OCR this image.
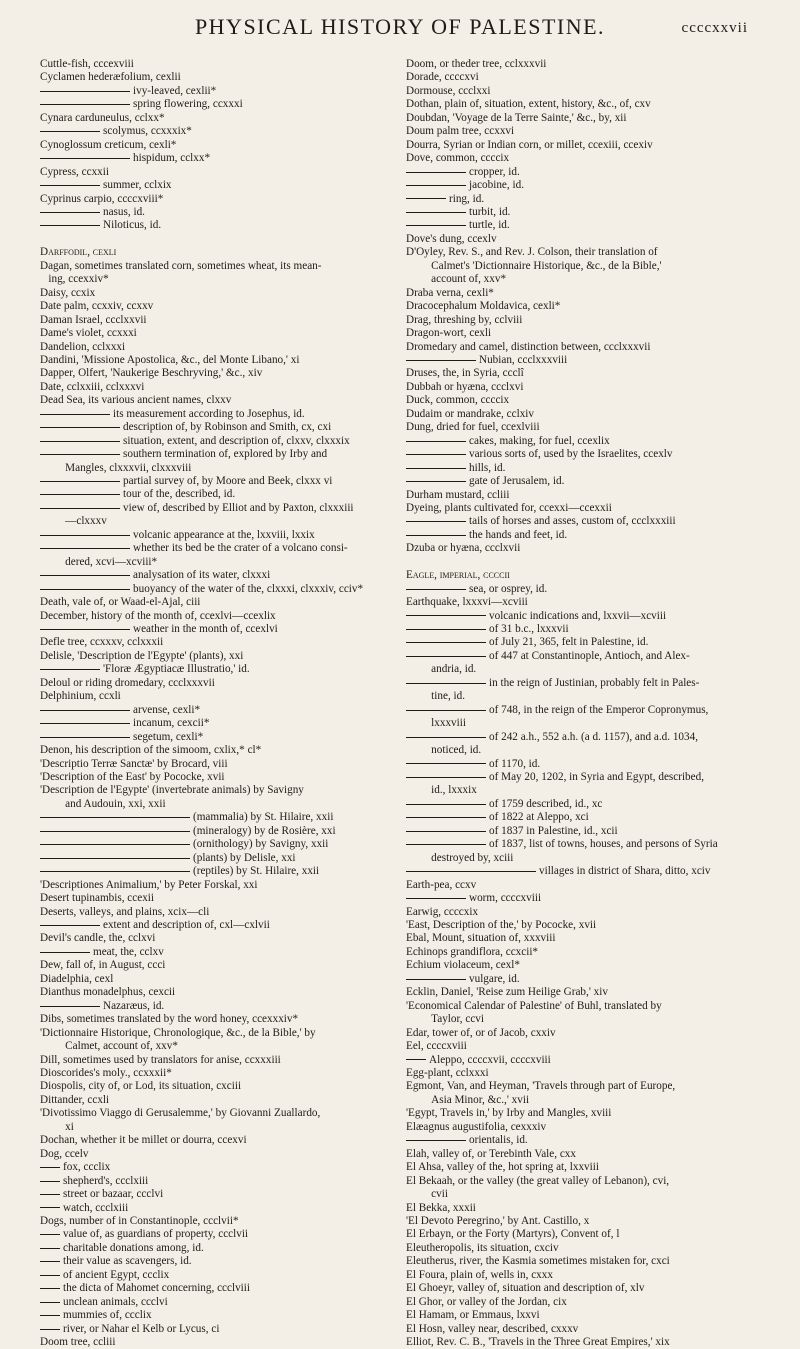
PHYSICAL HISTORY OF PALESTINE.	ccccxxvii
Cuttle-fish, cccexviii
Cyclamen hederæfolium, cexlii
ivy-leaved, cexlii*
spring flowering, ccxxxi
Cynara carduneulus, cclxx*
scolymus, ccxxxix*
Cynoglossum creticum, cexli*
hispidum, cclxx*
Cypress, ccxxii
summer, cclxix
Cyprinus carpio, ccccxviii*
nasus, id.
Niloticus, id.
Darffodil, cexli
Dagan, sometimes translated corn, sometimes wheat, its mean-
ing, ccexxiv*
Daisy, ccxix
Date palm, ccxxiv, ccxxv
Daman Israel, ccclxxvii
Dame's violet, ccxxxi
Dandelion, cclxxxi
Dandini, 'Missione Apostolica, &c., del Monte Libano,' xi
Dapper, Olfert, 'Naukerige Beschryving,' &c., xiv
Date, cclxxiii, cclxxxvi
Dead Sea, its various ancient names, clxxv
its measurement according to Josephus, id.
description of, by Robinson and Smith, cx, cxi
situation, extent, and description of, clxxv, clxxxix
southern termination of, explored by Irby and
Mangles, clxxxvii, clxxxviii
partial survey of, by Moore and Beek, clxxx vi
tour of the, described, id.
view of, described by Elliot and by Paxton, clxxxiii
—clxxxv
volcanic appearance at the, lxxviii, lxxix
whether its bed be the crater of a volcano consi-
dered, xcvi—xcviii*
analysation of its water, clxxxi
buoyancy of the water of the, clxxxi, clxxxiv, cciv*
Death, vale of, or Waad-el-Ajal, ciii
December, history of the month of, ccexlvi—ccexlix
weather in the month of, ccexlvi
Defle tree, ccxxxv, cclxxxii
Delisle, 'Description de l'Egypte' (plants), xxi
'Floræ Ægyptiacæ Illustratio,' id.
Deloul or riding dromedary, ccclxxxvii
Delphinium, ccxli
arvense, cexli*
incanum, cexcii*
segetum, cexli*
Denon, his description of the simoom, cxlix,* cl*
'Descriptio Terræ Sanctæ' by Brocard, viii
'Description of the East' by Pococke, xvii
'Description de l'Egypte' (invertebrate animals) by Savigny
and Audouin, xxi, xxii
(mammalia) by St. Hilaire, xxii
(mineralogy) by de Rosière, xxi
(ornithology) by Savigny, xxii
(plants) by Delisle, xxi
(reptiles) by St. Hilaire, xxii
'Descriptiones Animalium,' by Peter Forskal, xxi
Desert tupinambis, ccexii
Deserts, valleys, and plains, xcix—cli
extent and description of, cxl—cxlvii
Devil's candle, the, cclxvi
meat, the, cclxv
Dew, fall of, in August, ccci
Diadelphia, cexl
Dianthus monadelphus, cexcii
Nazaræus, id.
Dibs, sometimes translated by the word honey, ccexxxiv*
'Dictionnaire Historique, Chronologique, &c., de la Bible,' by
Calmet, account of, xxv*
Dill, sometimes used by translators for anise, ccxxxiii
Dioscorides's moly., ccxxxii*
Diospolis, city of, or Lod, its situation, cxciii
Dittander, ccxli
'Divotissimo Viaggo di Gerusalemme,' by Giovanni Zuallardo,
xi
Dochan, whether it be millet or dourra, ccexvi
Dog, ccelv
fox, ccclix
shepherd's, ccclxiii
street or bazaar, ccclvi
watch, ccclxiii
Dogs, number of in Constantinople, ccclvii*
value of, as guardians of property, ccclvii
charitable donations among, id.
their value as scavengers, id.
of ancient Egypt, ccclix
the dicta of Mahomet concerning, ccclviii
unclean animals, ccclvi
mummies of, ccclix
river, or Nahar el Kelb or Lycus, ci
Doom tree, ccliii
Doom, or theder tree, cclxxxvii
Dorade, ccccxvi
Dormouse, ccclxxi
Dothan, plain of, situation, extent, history, &c., of, cxv
Doubdan, 'Voyage de la Terre Sainte,' &c., by, xii
Doum palm tree, ccxxvi
Dourra, Syrian or Indian corn, or millet, ccexiii, ccexiv
Dove, common, ccccix
cropper, id.
jacobine, id.
ring, id.
turbit, id.
turtle, id.
Dove's dung, ccexlv
D'Oyley, Rev. S., and Rev. J. Colson, their translation of
Calmet's 'Dictionnaire Historique, &c., de la Bible,'
account of, xxv*
Draba verna, cexli*
Dracocephalum Moldavica, cexli*
Drag, threshing by, cclviii
Dragon-wort, cexli
Dromedary and camel, distinction between, ccclxxxvii
Nubian, ccclxxxviii
Druses, the, in Syria, ccclî
Dubbah or hyæna, ccclxvi
Duck, common, ccccix
Dudaim or mandrake, cclxiv
Dung, dried for fuel, ccexlviii
cakes, making, for fuel, ccexlix
various sorts of, used by the Israelites, ccexlv
hills, id.
gate of Jerusalem, id.
Durham mustard, ccliii
Dyeing, plants cultivated for, ccexxi—ccexxii
tails of horses and asses, custom of, ccclxxxiii
the hands and feet, id.
Dzuba or hyæna, ccclxvii
Eagle, imperial, ccccii
sea, or osprey, id.
Earthquake, lxxxvi—xcviii
volcanic indications and, lxxvii—xcviii
of 31 b.c., lxxxvii
of July 21, 365, felt in Palestine, id.
of 447 at Constantinople, Antioch, and Alex-
andria, id.
in the reign of Justinian, probably felt in Pales-
tine, id.
of 748, in the reign of the Emperor Copronymus,
lxxxviii
of 242 a.h., 552 a.h. (a d. 1157), and a.d. 1034,
noticed, id.
of 1170, id.
of May 20, 1202, in Syria and Egypt, described,
id., lxxxix
of 1759 described, id., xc
of 1822 at Aleppo, xci
of 1837 in Palestine, id., xcii
of 1837, list of towns, houses, and persons of Syria
destroyed by, xciii
villages in district of Shara, ditto, xciv
Earth-pea, ccxv
worm, ccccxviii
Earwig, ccccxix
'East, Description of the,' by Pococke, xvii
Ebal, Mount, situation of, xxxviii
Echinops grandiflora, ccxcii*
Echium violaceum, cexl*
vulgare, id.
Ecklin, Daniel, 'Reise zum Heilige Grab,' xiv
'Economical Calendar of Palestine' of Buhl, translated by
Taylor, ccvi
Edar, tower of, or of Jacob, cxxiv
Eel, ccccxviii
Aleppo, ccccxvii, ccccxviii
Egg-plant, cclxxxi
Egmont, Van, and Heyman, 'Travels through part of Europe,
Asia Minor, &c.,' xvii
'Egypt, Travels in,' by Irby and Mangles, xviii
Elæagnus augustifolia, cexxxiv
orientalis, id.
Elah, valley of, or Terebinth Vale, cxx
El Ahsa, valley of the, hot spring at, lxxviii
El Bekaah, or the valley (the great valley of Lebanon), cvi,
cvii
El Bekka, xxxii
'El Devoto Peregrino,' by Ant. Castillo, x
El Erbayn, or the Forty (Martyrs), Convent of, l
Eleutheropolis, its situation, cxciv
Eleutherus, river, the Kasmia sometimes mistaken for, cxci
El Foura, plain of, wells in, cxxx
El Ghoeyr, valley of, situation and description of, xlv
El Ghor, or valley of the Jordan, cix
El Hamam, or Emmaus, lxxvi
El Hosn, valley near, described, cxxxv
Elliot, Rev. C. B., 'Travels in the Three Great Empires,' xix
